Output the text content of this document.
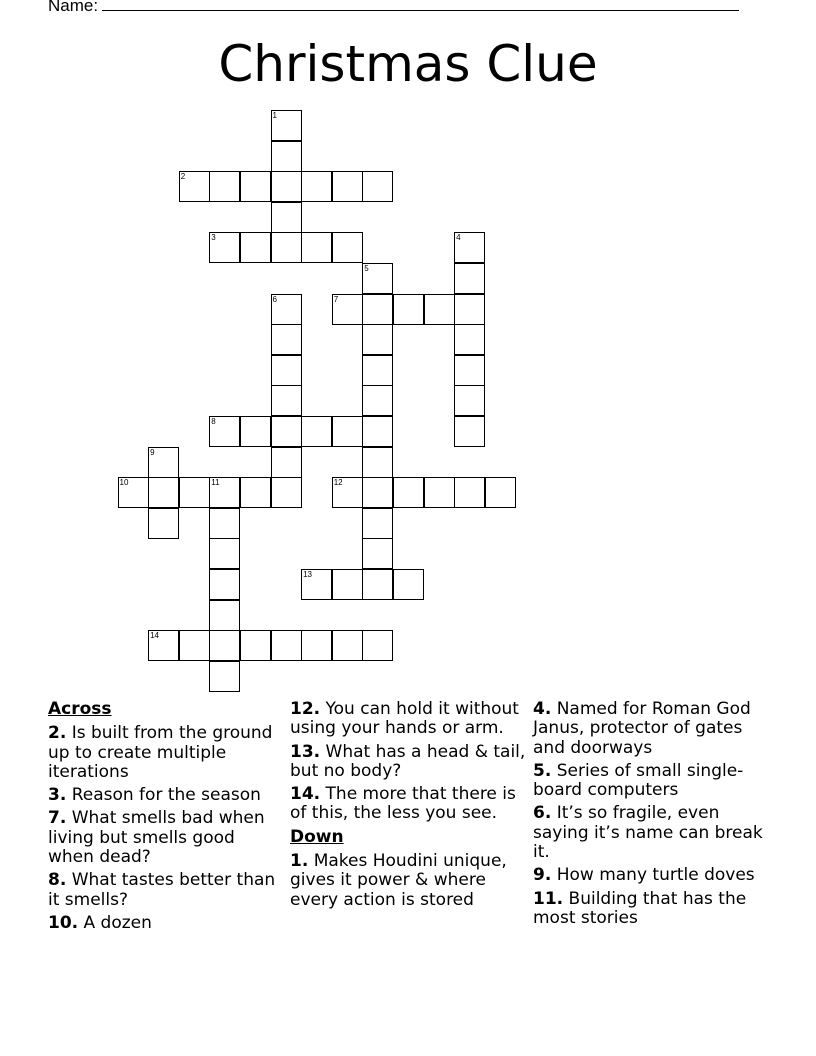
Name:
Christmas Clue
1
2
3	4
5
6	7
8
9
10	11	12
13
14
Across
2. Is built from the ground up to create multiple iterations
3. Reason for the season
7. What smells bad when living but smells good when dead?
8. What tastes better than it smells?
10. A dozen
12. You can hold it without using your hands or arm.
13. What has a head & tail, but no body?
14. The more that there is of this, the less you see.
Down
1. Makes Houdini unique, gives it power & where every action is stored
4. Named for Roman God Janus, protector of gates and doorways
5. Series of small single-board computers
6. It’s so fragile, even saying it’s name can break it.
9. How many turtle doves
11. Building that has the most stories
